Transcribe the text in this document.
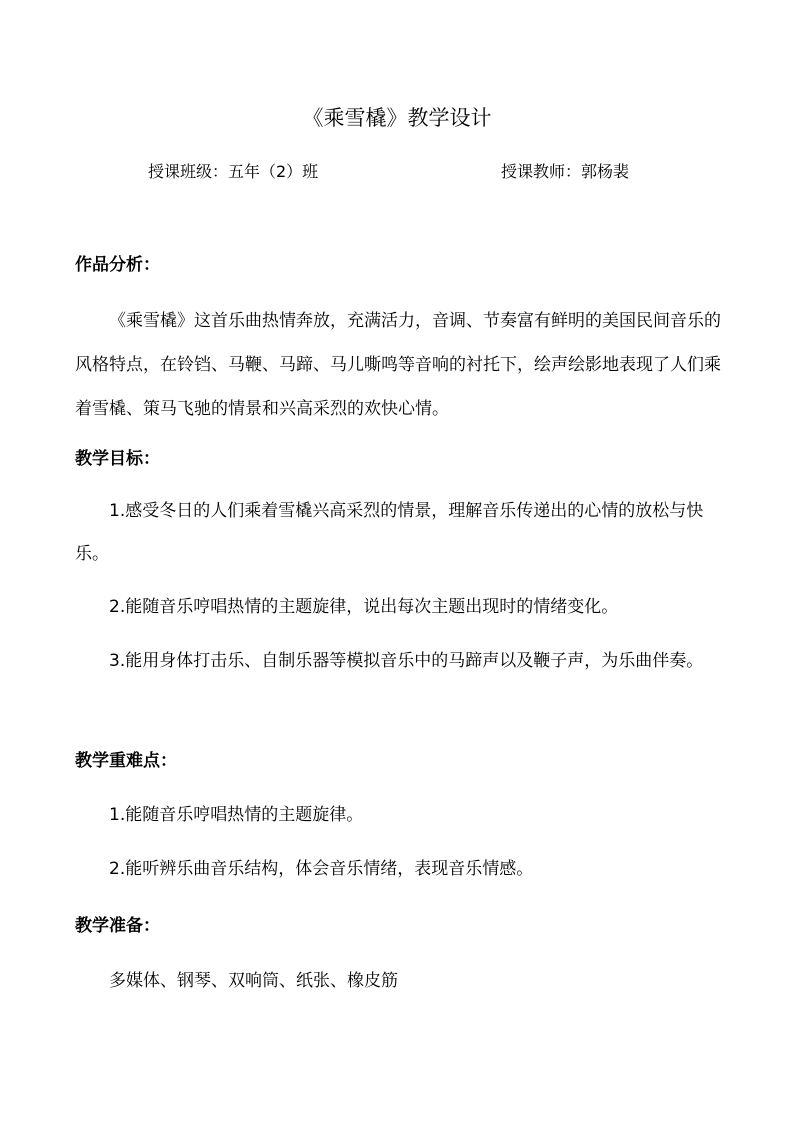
《乘雪橇》教学设计
授课班级：五年（2）班	授课教师：郭杨裴
作品分析：
《乘雪橇》这首乐曲热情奔放，充满活力，音调、节奏富有鲜明的美国民间音乐的风格特点，在铃铛、马鞭、马蹄、马儿嘶鸣等音响的衬托下，绘声绘影地表现了人们乘着雪橇、策马飞驰的情景和兴高采烈的欢快心情。
教学目标：
1.感受冬日的人们乘着雪橇兴高采烈的情景，理解音乐传递出的心情的放松与快乐。
2.能随音乐哼唱热情的主题旋律，说出每次主题出现时的情绪变化。
3.能用身体打击乐、自制乐器等模拟音乐中的马蹄声以及鞭子声，为乐曲伴奏。
教学重难点：
1.能随音乐哼唱热情的主题旋律。
2.能听辨乐曲音乐结构，体会音乐情绪，表现音乐情感。
教学准备：
多媒体、钢琴、双响筒、纸张、橡皮筋
